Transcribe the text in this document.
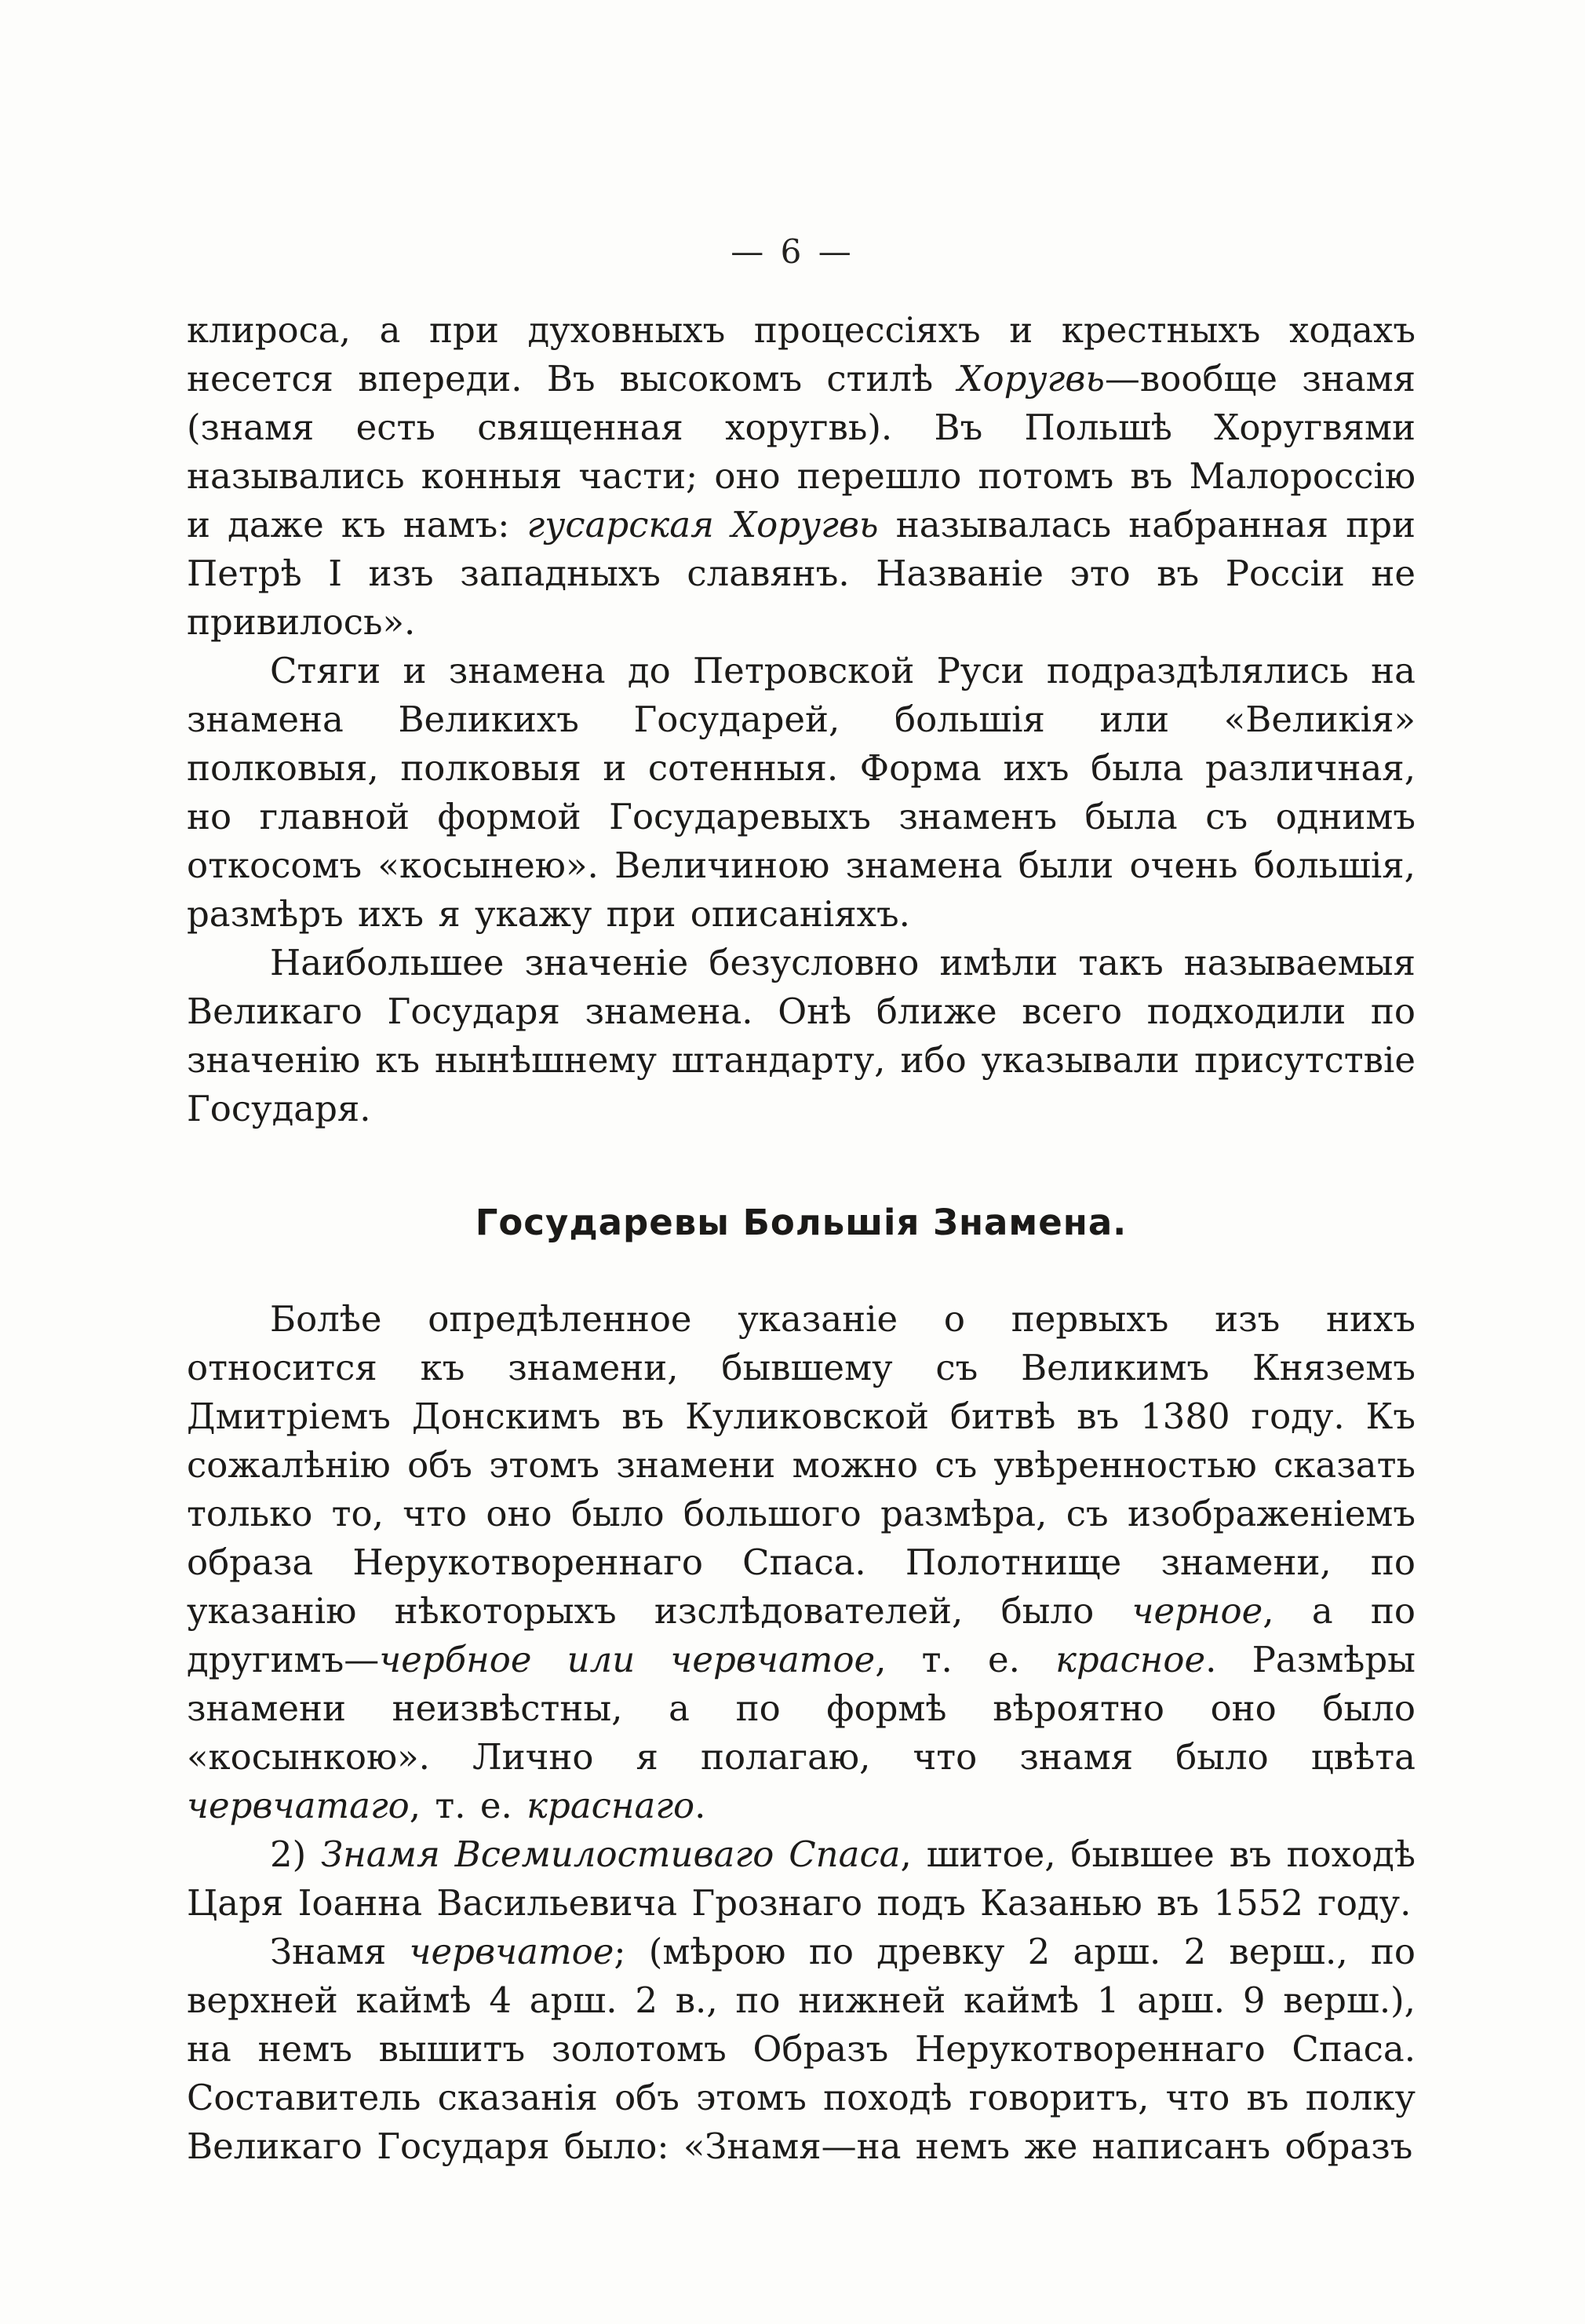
— 6 —

клироса, а при духовныхъ процессіяхъ и крестныхъ ходахъ несется впереди. Въ высокомъ стилѣ Хоругвь—вообще знамя (знамя есть священная хоругвь). Въ Польшѣ Хоругвями назывались конныя части; оно перешло потомъ въ Малороссію и даже къ намъ: гусарская Хоругвь называлась набранная при Петрѣ I изъ западныхъ славянъ. Названіе это въ Россіи не привилось».

Стяги и знамена до Петровской Руси подраздѣлялись на знамена Великихъ Государей, большія или «Великія» полковыя, полковыя и сотенныя. Форма ихъ была различная, но главной формой Государевыхъ знаменъ была съ однимъ откосомъ «косынею». Величиною знамена были очень большія, размѣръ ихъ я укажу при описаніяхъ.

Наибольшее значеніе безусловно имѣли такъ называемыя Великаго Государя знамена. Онѣ ближе всего подходили по значенію къ нынѣшнему штандарту, ибо указывали присутствіе Государя.

Государевы Большія Знамена.

Болѣе опредѣленное указаніе о первыхъ изъ нихъ относится къ знамени, бывшему съ Великимъ Княземъ Дмитріемъ Донскимъ въ Куликовской битвѣ въ 1380 году. Къ сожалѣнію объ этомъ знамени можно съ увѣренностью сказать только то, что оно было большого размѣра, съ изображеніемъ образа Нерукотвореннаго Спаса. Полотнище знамени, по указанію нѣкоторыхъ изслѣдователей, было черное, а по другимъ—чербное или червчатое, т. е. красное. Размѣры знамени неизвѣстны, а по формѣ вѣроятно оно было «косынкою». Лично я полагаю, что знамя было цвѣта червчатаго, т. е. краснаго.

2) Знамя Всемилостиваго Спаса, шитое, бывшее въ походѣ Царя Іоанна Васильевича Грознаго подъ Казанью въ 1552 году.

Знамя червчатое; (мѣрою по древку 2 арш. 2 верш., по верхней каймѣ 4 арш. 2 в., по нижней каймѣ 1 арш. 9 верш.), на немъ вышитъ золотомъ Образъ Нерукотвореннаго Спаса. Составитель сказанія объ этомъ походѣ говоритъ, что въ полку Великаго Государя было: «Знамя—на немъ же написанъ образъ
